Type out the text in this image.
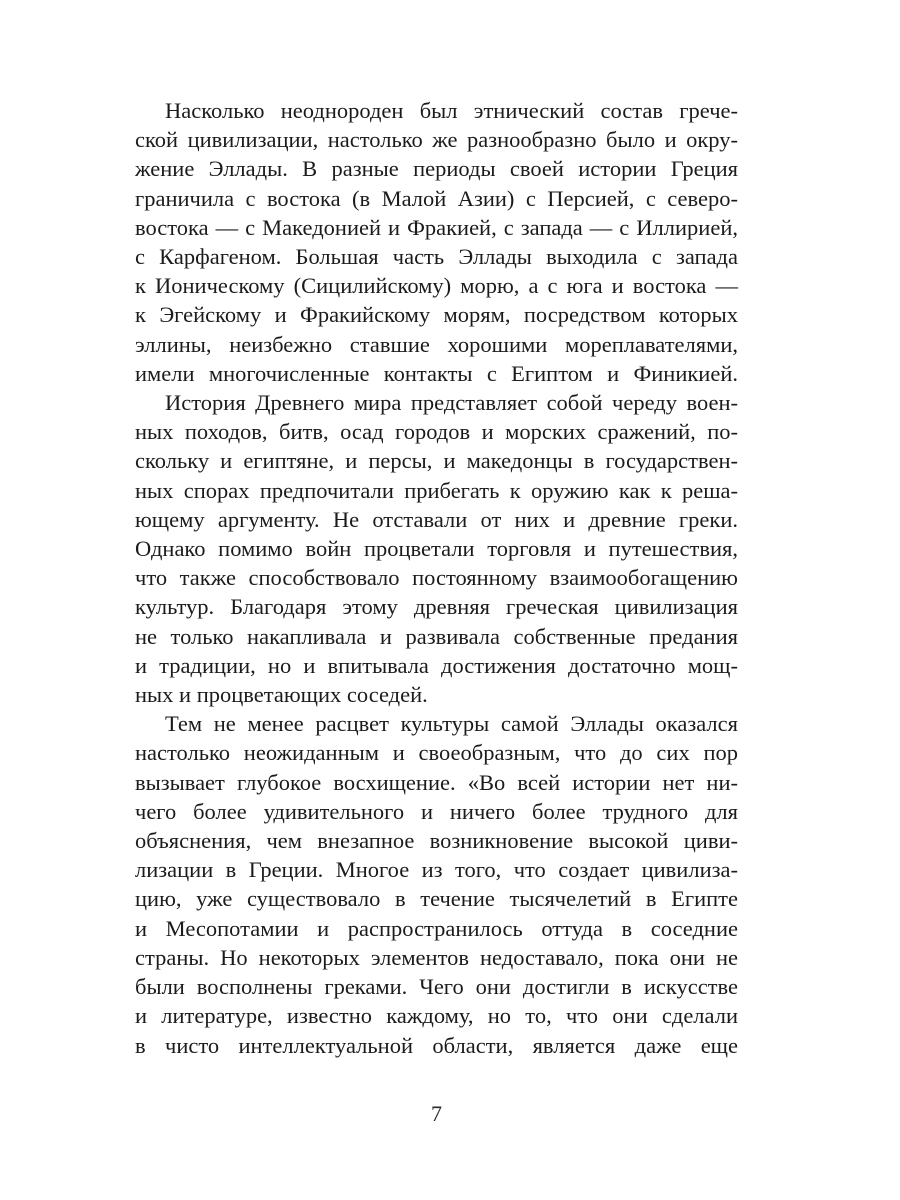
Насколько неоднороден был этнический состав грече-
ской цивилизации, настолько же разнообразно было и окру-
жение Эллады. В разные периоды своей истории Греция
граничила с востока (в Малой Азии) с Персией, с северо-
востока — с Македонией и Фракией, с запада — с Иллирией,
с Карфагеном. Большая часть Эллады выходила с запада
к Ионическому (Сицилийскому) морю, а с юга и востока —
к Эгейскому и Фракийскому морям, посредством которых
эллины, неизбежно ставшие хорошими мореплавателями,
имели многочисленные контакты с Египтом и Финикией.
История Древнего мира представляет собой череду воен-
ных походов, битв, осад городов и морских сражений, по-
скольку и египтяне, и персы, и македонцы в государствен-
ных спорах предпочитали прибегать к оружию как к реша-
ющему аргументу. Не отставали от них и древние греки.
Однако помимо войн процветали торговля и путешествия,
что также способствовало постоянному взаимообогащению
культур. Благодаря этому древняя греческая цивилизация
не только накапливала и развивала собственные предания
и традиции, но и впитывала достижения достаточно мощ-
ных и процветающих соседей.
Тем не менее расцвет культуры самой Эллады оказался
настолько неожиданным и своеобразным, что до сих пор
вызывает глубокое восхищение. «Во всей истории нет ни-
чего более удивительного и ничего более трудного для
объяснения, чем внезапное возникновение высокой циви-
лизации в Греции. Многое из того, что создает цивилиза-
цию, уже существовало в течение тысячелетий в Египте
и Месопотамии и распространилось оттуда в соседние
страны. Но некоторых элементов недоставало, пока они не
были восполнены греками. Чего они достигли в искусстве
и литературе, известно каждому, но то, что они сделали
в чисто интеллектуальной области, является даже еще
7
